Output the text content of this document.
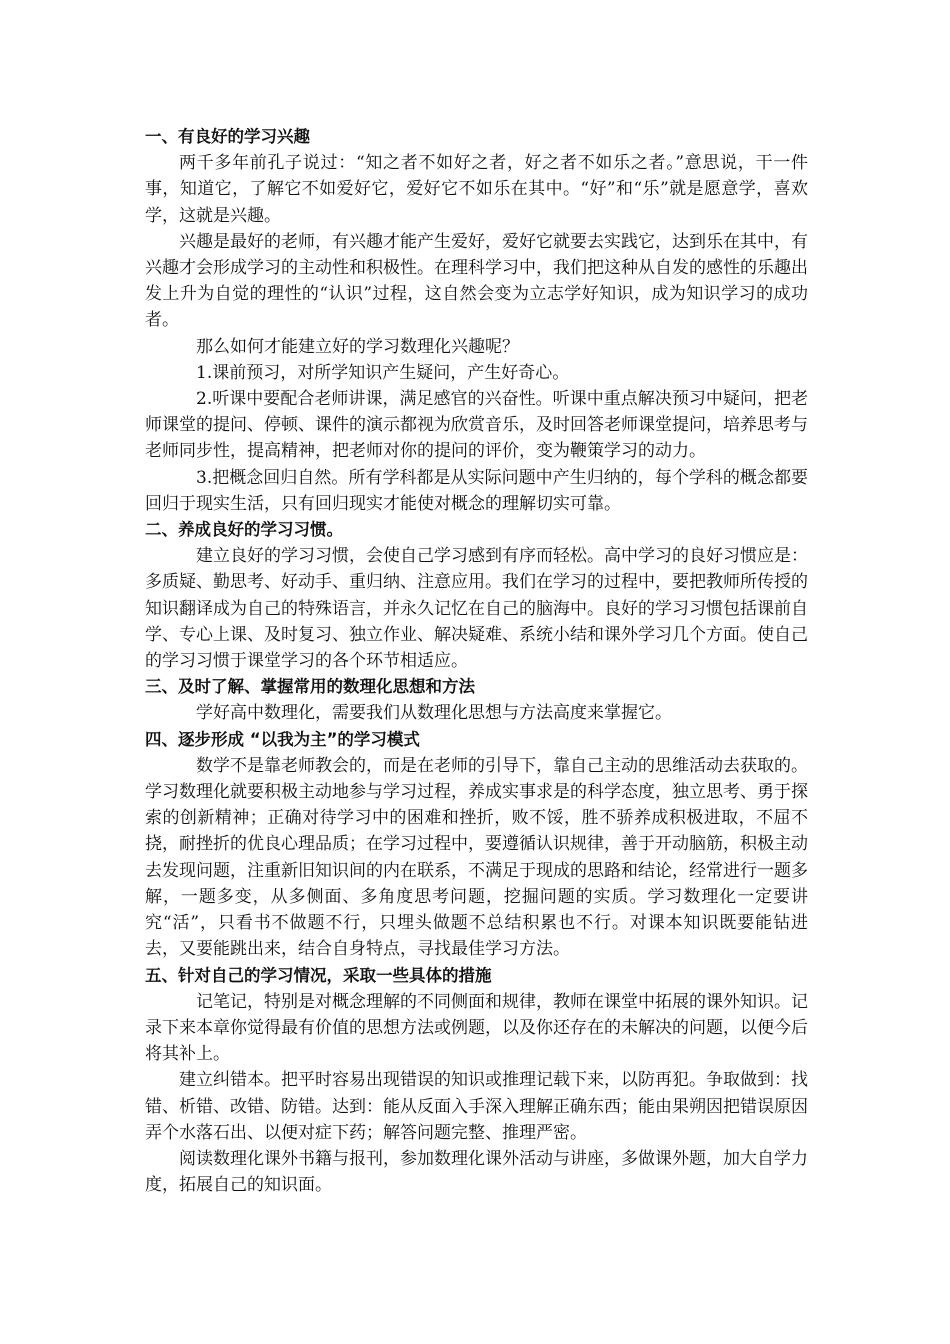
一、有良好的学习兴趣

两千多年前孔子说过：“知之者不如好之者，好之者不如乐之者。”意思说，干一件事，知道它，了解它不如爱好它，爱好它不如乐在其中。“好”和“乐”就是愿意学，喜欢学，这就是兴趣。

兴趣是最好的老师，有兴趣才能产生爱好，爱好它就要去实践它，达到乐在其中，有兴趣才会形成学习的主动性和积极性。在理科学习中，我们把这种从自发的感性的乐趣出发上升为自觉的理性的“认识”过程，这自然会变为立志学好知识，成为知识学习的成功者。

那么如何才能建立好的学习数理化兴趣呢？

1.课前预习，对所学知识产生疑问，产生好奇心。

2.听课中要配合老师讲课，满足感官的兴奋性。听课中重点解决预习中疑问，把老师课堂的提问、停顿、课件的演示都视为欣赏音乐，及时回答老师课堂提问，培养思考与老师同步性，提高精神，把老师对你的提问的评价，变为鞭策学习的动力。

3.把概念回归自然。所有学科都是从实际问题中产生归纳的，每个学科的概念都要回归于现实生活，只有回归现实才能使对概念的理解切实可靠。

二、养成良好的学习习惯。

建立良好的学习习惯，会使自己学习感到有序而轻松。高中学习的良好习惯应是：多质疑、勤思考、好动手、重归纳、注意应用。我们在学习的过程中，要把教师所传授的知识翻译成为自己的特殊语言，并永久记忆在自己的脑海中。良好的学习习惯包括课前自学、专心上课、及时复习、独立作业、解决疑难、系统小结和课外学习几个方面。使自己的学习习惯于课堂学习的各个环节相适应。

三、及时了解、掌握常用的数理化思想和方法

学好高中数理化，需要我们从数理化思想与方法高度来掌握它。

四、逐步形成 “以我为主”的学习模式

数学不是靠老师教会的，而是在老师的引导下，靠自己主动的思维活动去获取的。学习数理化就要积极主动地参与学习过程，养成实事求是的科学态度，独立思考、勇于探索的创新精神；正确对待学习中的困难和挫折，败不馁，胜不骄养成积极进取，不屈不挠，耐挫折的优良心理品质；在学习过程中，要遵循认识规律，善于开动脑筋，积极主动去发现问题，注重新旧知识间的内在联系，不满足于现成的思路和结论，经常进行一题多解，一题多变，从多侧面、多角度思考问题，挖掘问题的实质。学习数理化一定要讲究“活”，只看书不做题不行，只埋头做题不总结积累也不行。对课本知识既要能钻进去，又要能跳出来，结合自身特点，寻找最佳学习方法。

五、针对自己的学习情况，采取一些具体的措施

记笔记，特别是对概念理解的不同侧面和规律，教师在课堂中拓展的课外知识。记录下来本章你觉得最有价值的思想方法或例题，以及你还存在的未解决的问题，以便今后将其补上。

建立纠错本。把平时容易出现错误的知识或推理记载下来，以防再犯。争取做到：找错、析错、改错、防错。达到：能从反面入手深入理解正确东西；能由果朔因把错误原因弄个水落石出、以便对症下药；解答问题完整、推理严密。

阅读数理化课外书籍与报刊，参加数理化课外活动与讲座，多做课外题，加大自学力度，拓展自己的知识面。
